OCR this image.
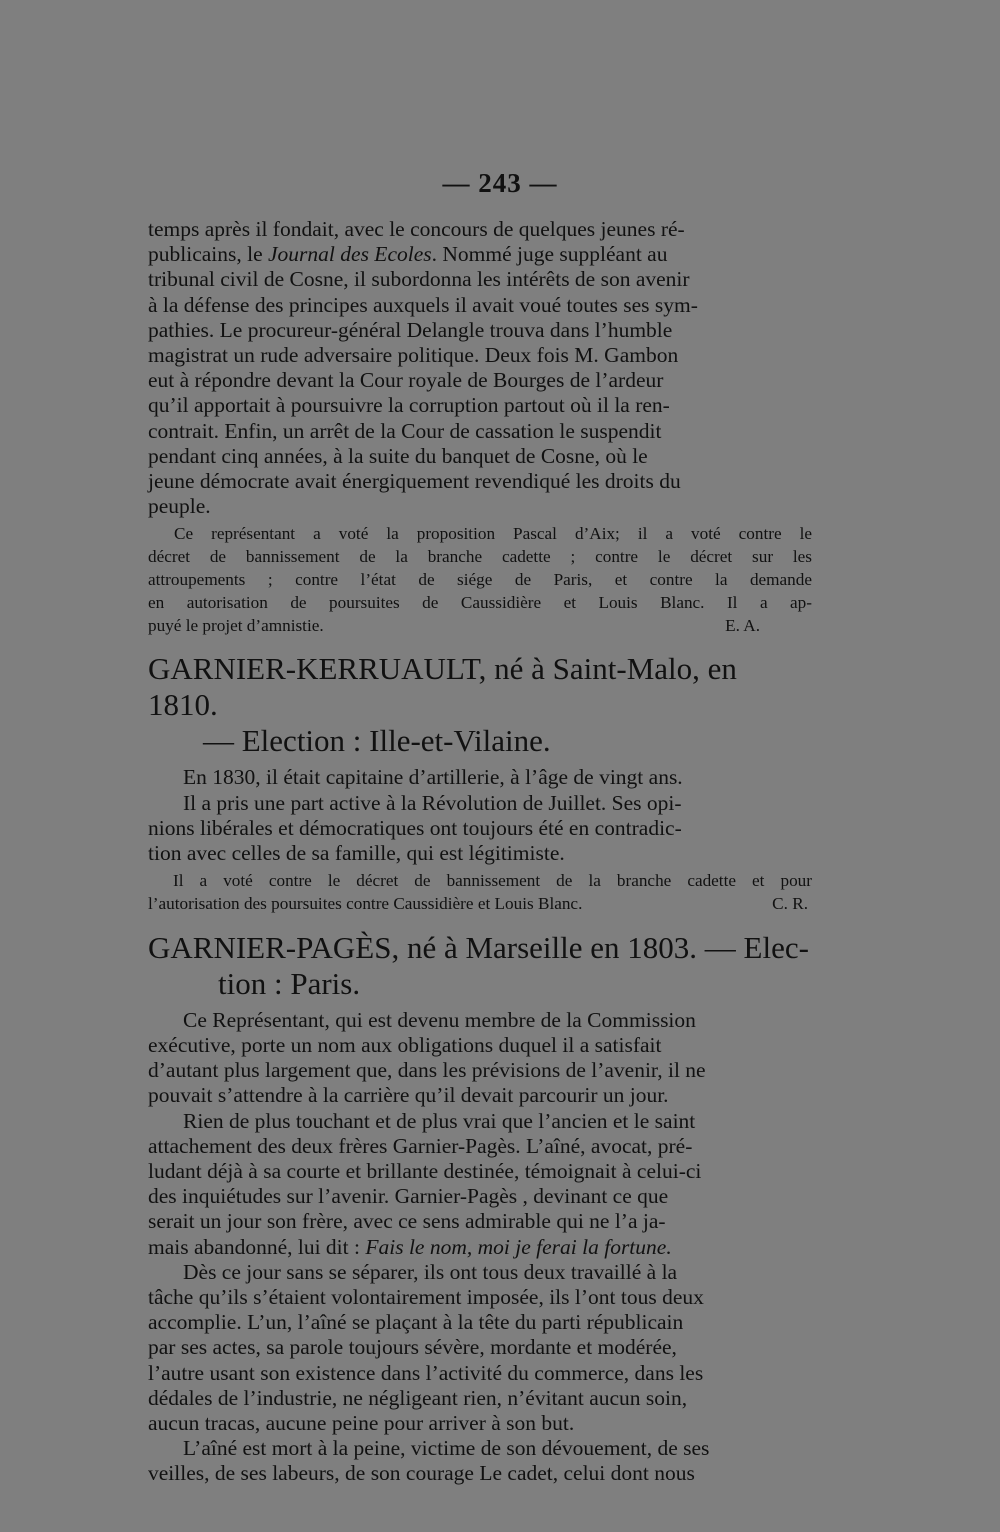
— 243 —
temps après il fondait, avec le concours de quelques jeunes ré-
publicains, le Journal des Ecoles. Nommé juge suppléant au
tribunal civil de Cosne, il subordonna les intérêts de son avenir
à la défense des principes auxquels il avait voué toutes ses sym-
pathies. Le procureur-général Delangle trouva dans l’humble
magistrat un rude adversaire politique. Deux fois M. Gambon
eut à répondre devant la Cour royale de Bourges de l’ardeur
qu’il apportait à poursuivre la corruption partout où il la ren-
contrait. Enfin, un arrêt de la Cour de cassation le suspendit
pendant cinq années, à la suite du banquet de Cosne, où le
jeune démocrate avait énergiquement revendiqué les droits du
peuple.
Ce représentant a voté la proposition Pascal d’Aix; il a voté contre le
décret de bannissement de la branche cadette ; contre le décret sur les
attroupements ; contre l’état de siége de Paris, et contre la demande
en autorisation de poursuites de Caussidière et Louis Blanc. Il a ap-
puyé le projet d’amnistie.	E. A.
GARNIER-KERRUAULT, né à Saint-Malo, en 1810.
— Election : Ille-et-Vilaine.
En 1830, il était capitaine d’artillerie, à l’âge de vingt ans.
Il a pris une part active à la Révolution de Juillet. Ses opi-
nions libérales et démocratiques ont toujours été en contradic-
tion avec celles de sa famille, qui est légitimiste.
Il a voté contre le décret de bannissement de la branche cadette et pour
l’autorisation des poursuites contre Caussidière et Louis Blanc.	C. R.
GARNIER-PAGÈS, né à Marseille en 1803. — Elec-
tion : Paris.
Ce Représentant, qui est devenu membre de la Commission
exécutive, porte un nom aux obligations duquel il a satisfait
d’autant plus largement que, dans les prévisions de l’avenir, il ne
pouvait s’attendre à la carrière qu’il devait parcourir un jour.
Rien de plus touchant et de plus vrai que l’ancien et le saint
attachement des deux frères Garnier-Pagès. L’aîné, avocat, pré-
ludant déjà à sa courte et brillante destinée, témoignait à celui-ci
des inquiétudes sur l’avenir. Garnier-Pagès , devinant ce que
serait un jour son frère, avec ce sens admirable qui ne l’a ja-
mais abandonné, lui dit : Fais le nom, moi je ferai la fortune.
Dès ce jour sans se séparer, ils ont tous deux travaillé à la
tâche qu’ils s’étaient volontairement imposée, ils l’ont tous deux
accomplie. L’un, l’aîné se plaçant à la tête du parti républicain
par ses actes, sa parole toujours sévère, mordante et modérée,
l’autre usant son existence dans l’activité du commerce, dans les
dédales de l’industrie, ne négligeant rien, n’évitant aucun soin,
aucun tracas, aucune peine pour arriver à son but.
L’aîné est mort à la peine, victime de son dévouement, de ses
veilles, de ses labeurs, de son courage Le cadet, celui dont nous
